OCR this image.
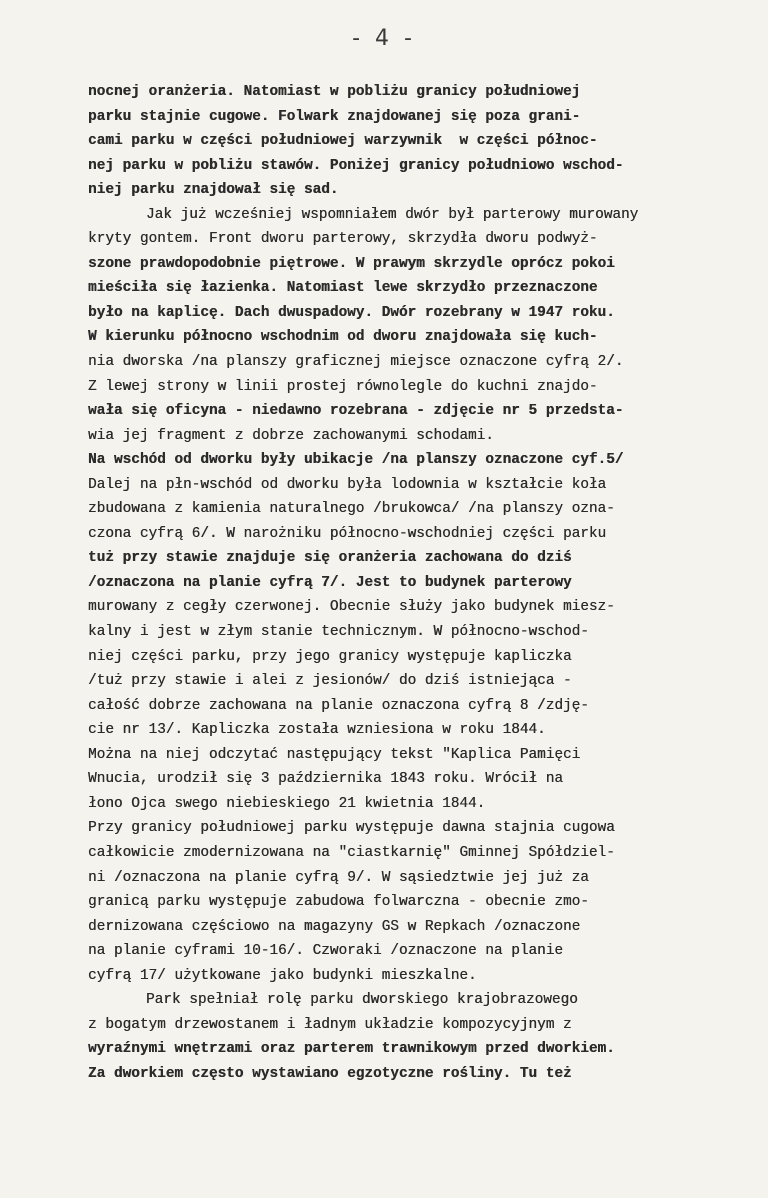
- 4 -
nocnej oranżeria. Natomiast w pobliżu granicy południowej
parku stajnie cugowe. Folwark znajdowanej się poza grani-
cami parku w części południowej warzywnik  w części północ-
nej parku w pobliżu stawów. Poniżej granicy południowo wschod-
niej parku znajdował się sad.
Jak już wcześniej wspomniałem dwór był parterowy murowany
kryty gontem. Front dworu parterowy, skrzydła dworu podwyż-
szone prawdopodobnie piętrowe. W prawym skrzydle oprócz pokoi
mieściła się łazienka. Natomiast lewe skrzydło przeznaczone
było na kaplicę. Dach dwuspadowy. Dwór rozebrany w 1947 roku.
W kierunku północno wschodnim od dworu znajdowała się kuch-
nia dworska /na planszy graficznej miejsce oznaczone cyfrą 2/.
Z lewej strony w linii prostej równolegle do kuchni znajdo-
wała się oficyna - niedawno rozebrana - zdjęcie nr 5 przedsta-
wia jej fragment z dobrze zachowanymi schodami.
Na wschód od dworku były ubikacje /na planszy oznaczone cyf.5/
Dalej na płn-wschód od dworku była lodownia w kształcie koła
zbudowana z kamienia naturalnego /brukowca/ /na planszy ozna-
czona cyfrą 6/. W narożniku północno-wschodniej części parku
tuż przy stawie znajduje się oranżeria zachowana do dziś
/oznaczona na planie cyfrą 7/. Jest to budynek parterowy
murowany z cegły czerwonej. Obecnie służy jako budynek miesz-
kalny i jest w złym stanie technicznym. W północno-wschod-
niej części parku, przy jego granicy występuje kapliczka
/tuż przy stawie i alei z jesionów/ do dziś istniejąca -
całość dobrze zachowana na planie oznaczona cyfrą 8 /zdję-
cie nr 13/. Kapliczka została wzniesiona w roku 1844.
Można na niej odczytać następujący tekst "Kaplica Pamięci
Wnucia, urodził się 3 października 1843 roku. Wrócił na
łono Ojca swego niebieskiego 21 kwietnia 1844.
Przy granicy południowej parku występuje dawna stajnia cugowa
całkowicie zmodernizowana na "ciastkarnię" Gminnej Spółdziel-
ni /oznaczona na planie cyfrą 9/. W sąsiedztwie jej już za
granicą parku występuje zabudowa folwarczna - obecnie zmo-
dernizowana częściowo na magazyny GS w Repkach /oznaczone
na planie cyframi 10-16/. Czworaki /oznaczone na planie
cyfrą 17/ użytkowane jako budynki mieszkalne.
Park spełniał rolę parku dworskiego krajobrazowego
z bogatym drzewostanem i ładnym układzie kompozycyjnym z
wyraźnymi wnętrzami oraz parterem trawnikowym przed dworkiem.
Za dworkiem często wystawiano egzotyczne rośliny. Tu też
